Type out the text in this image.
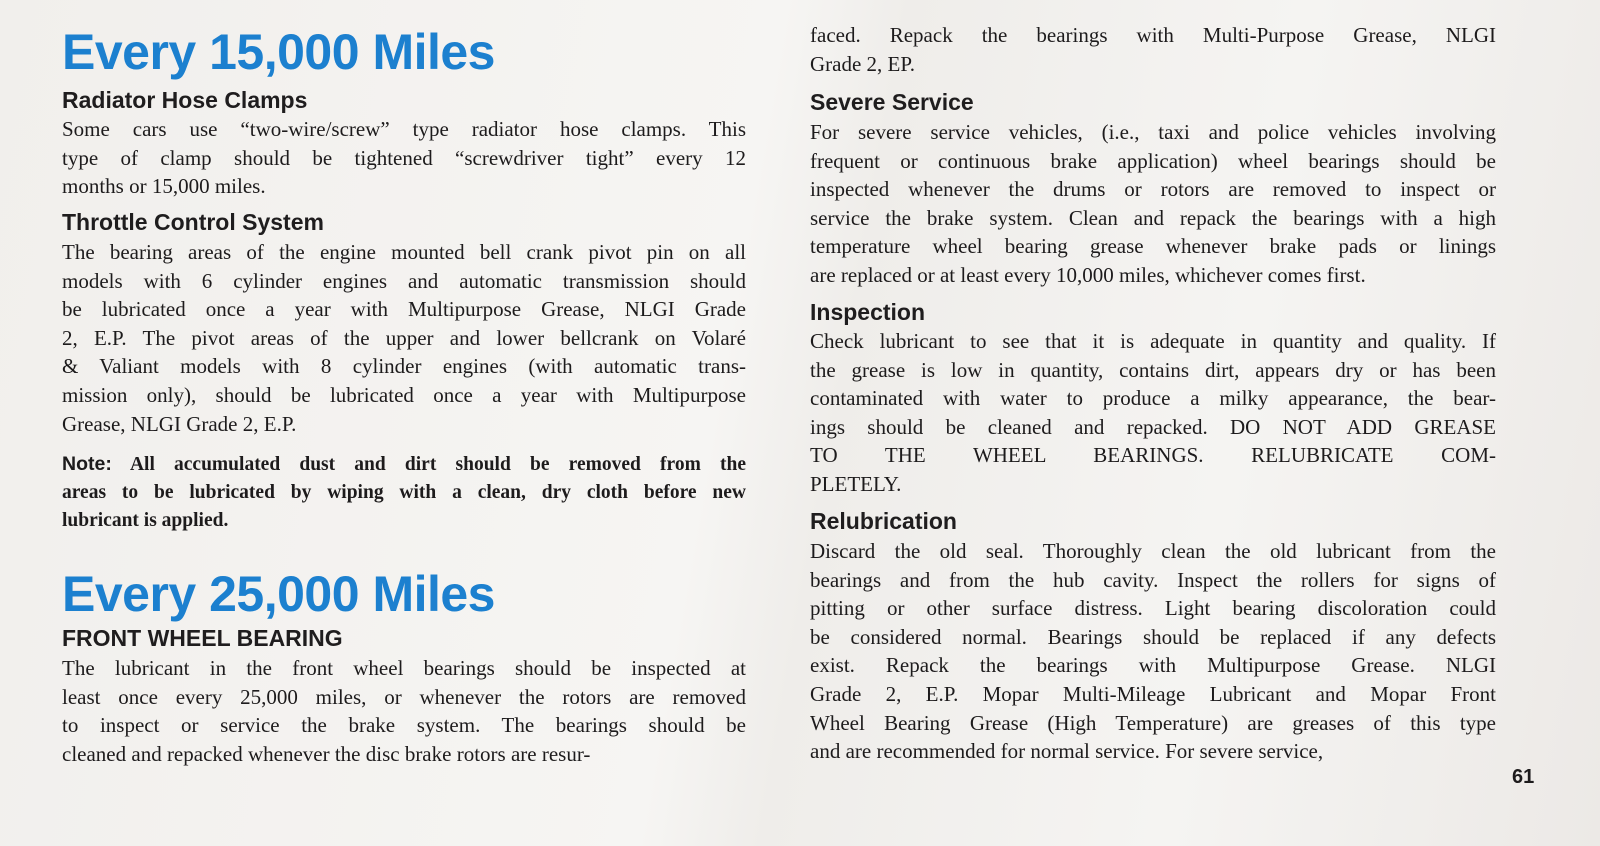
Every 15,000 Miles
Radiator Hose Clamps
Some cars use “two-wire/screw” type radiator hose clamps. This
type of clamp should be tightened “screwdriver tight” every 12
months or 15,000 miles.
Throttle Control System
The bearing areas of the engine mounted bell crank pivot pin on all
models with 6 cylinder engines and automatic transmission should
be lubricated once a year with Multipurpose Grease, NLGI Grade
2, E.P. The pivot areas of the upper and lower bellcrank on Volaré
& Valiant models with 8 cylinder engines (with automatic trans-
mission only), should be lubricated once a year with Multipurpose
Grease, NLGI Grade 2, E.P.
Note: All accumulated dust and dirt should be removed from the
areas to be lubricated by wiping with a clean, dry cloth before new
lubricant is applied.
Every 25,000 Miles
FRONT WHEEL BEARING
The lubricant in the front wheel bearings should be inspected at
least once every 25,000 miles, or whenever the rotors are removed
to inspect or service the brake system. The bearings should be
cleaned and repacked whenever the disc brake rotors are resur-
faced. Repack the bearings with Multi-Purpose Grease, NLGI
Grade 2, EP.
Severe Service
For severe service vehicles, (i.e., taxi and police vehicles involving
frequent or continuous brake application) wheel bearings should be
inspected whenever the drums or rotors are removed to inspect or
service the brake system. Clean and repack the bearings with a high
temperature wheel bearing grease whenever brake pads or linings
are replaced or at least every 10,000 miles, whichever comes first.
Inspection
Check lubricant to see that it is adequate in quantity and quality. If
the grease is low in quantity, contains dirt, appears dry or has been
contaminated with water to produce a milky appearance, the bear-
ings should be cleaned and repacked. DO NOT ADD GREASE
TO THE WHEEL BEARINGS. RELUBRICATE COM-
PLETELY.
Relubrication
Discard the old seal. Thoroughly clean the old lubricant from the
bearings and from the hub cavity. Inspect the rollers for signs of
pitting or other surface distress. Light bearing discoloration could
be considered normal. Bearings should be replaced if any defects
exist. Repack the bearings with Multipurpose Grease. NLGI
Grade 2, E.P. Mopar Multi-Mileage Lubricant and Mopar Front
Wheel Bearing Grease (High Temperature) are greases of this type
and are recommended for normal service. For severe service,
61
